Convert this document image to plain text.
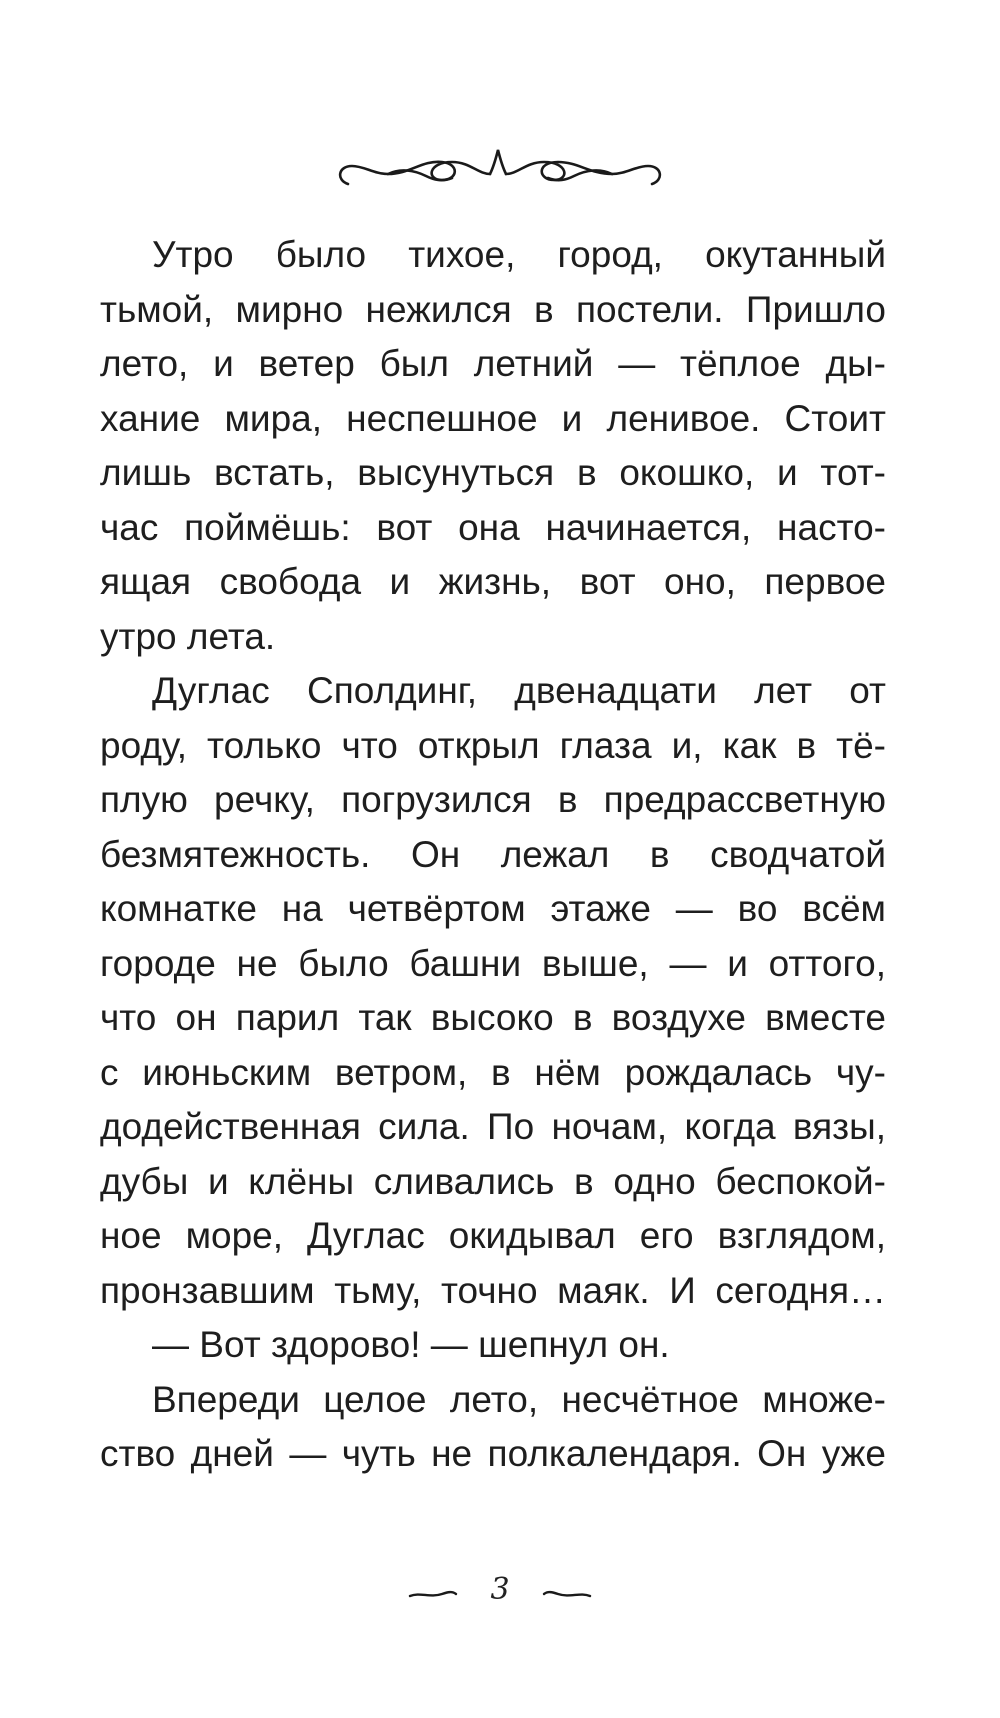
Утро было тихое, город, окутанный
тьмой, мирно нежился в постели. Пришло
лето, и ветер был летний — тёплое ды-
хание мира, неспешное и ленивое. Стоит
лишь встать, высунуться в окошко, и тот-
час поймёшь: вот она начинается, насто-
ящая свобода и жизнь, вот оно, первое
утро лета.
Дуглас Сполдинг, двенадцати лет от
роду, только что открыл глаза и, как в тё-
плую речку, погрузился в предрассветную
безмятежность. Он лежал в сводчатой
комнатке на четвёртом этаже — во всём
городе не было башни выше, — и оттого,
что он парил так высоко в воздухе вместе
с июньским ветром, в нём рождалась чу-
додейственная сила. По ночам, когда вязы,
дубы и клёны сливались в одно беспокой-
ное море, Дуглас окидывал его взглядом,
пронзавшим тьму, точно маяк. И сегодня…
— Вот здорово! — шепнул он.
Впереди целое лето, несчётное множе-
ство дней — чуть не полкалендаря. Он уже
3
